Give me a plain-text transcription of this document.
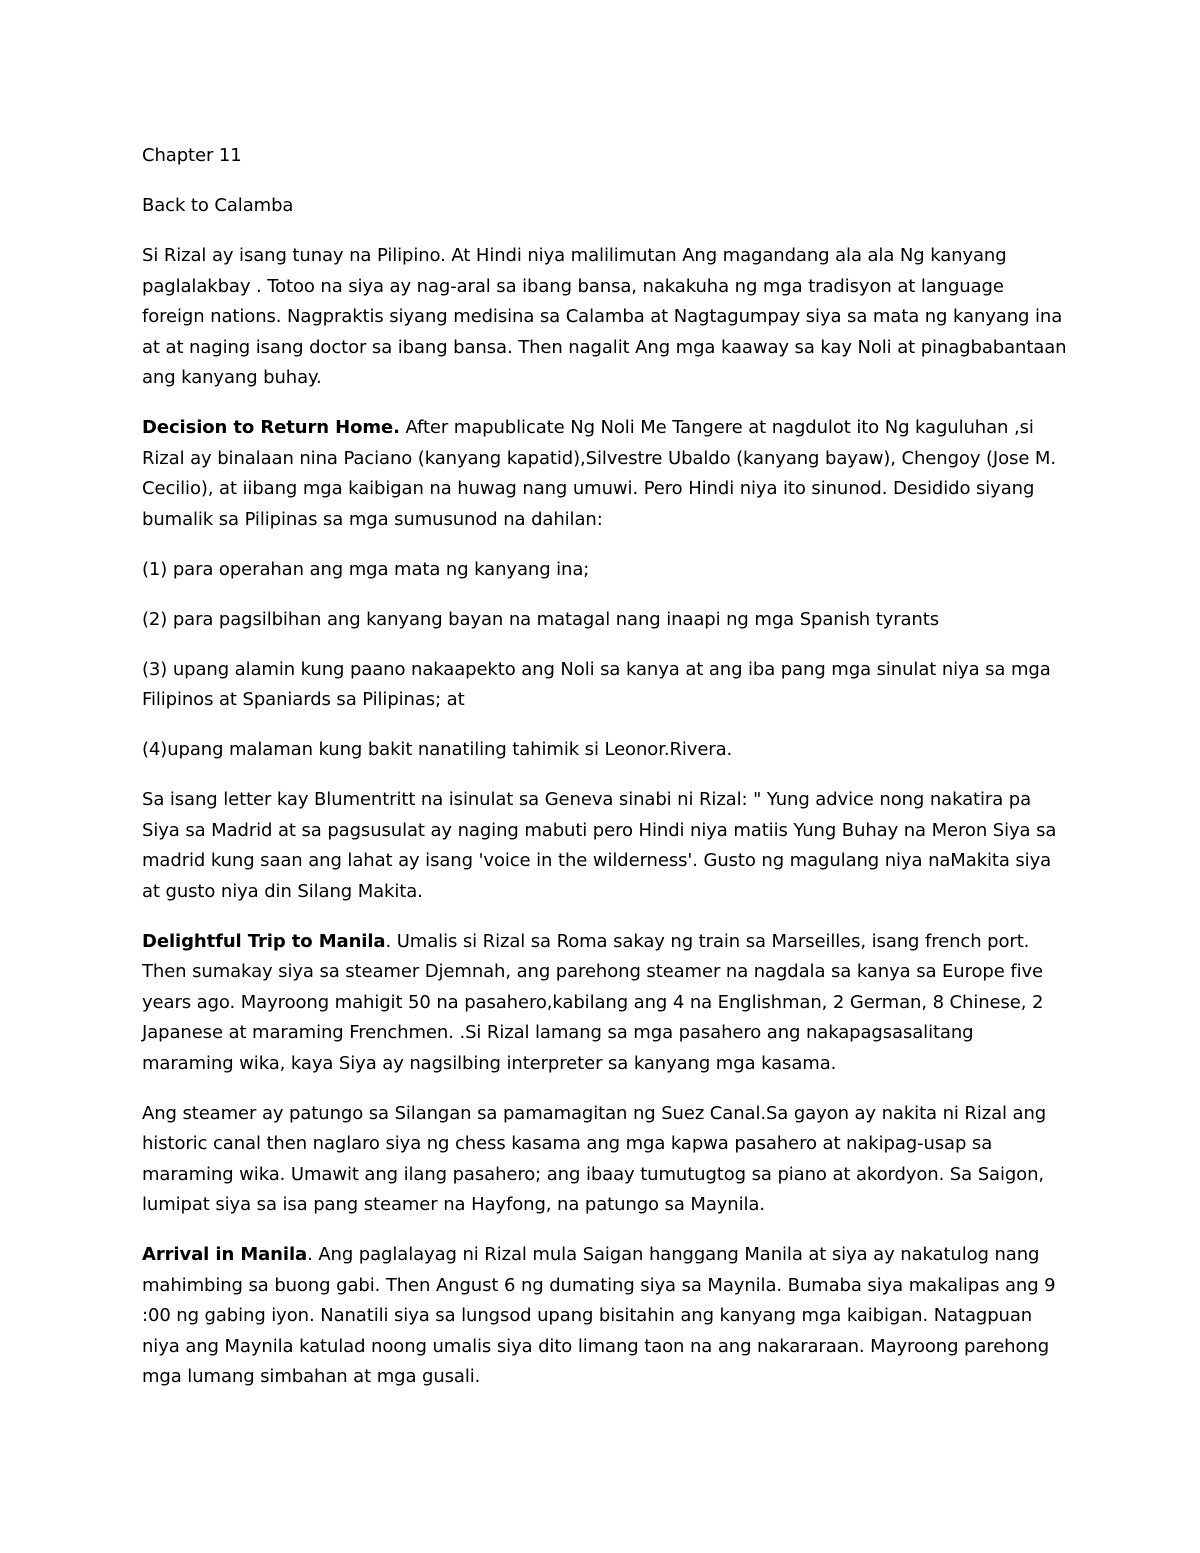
Chapter 11

Back to Calamba

Si Rizal ay isang tunay na Pilipino. At Hindi niya malilimutan Ang magandang ala ala Ng kanyang paglalakbay . Totoo na siya ay nag-aral sa ibang bansa, nakakuha ng mga tradisyon at language foreign nations. Nagpraktis siyang medisina sa Calamba at Nagtagumpay siya sa mata ng kanyang ina at at naging isang doctor sa ibang bansa. Then nagalit Ang mga kaaway sa kay Noli at pinagbabantaan ang kanyang buhay.

Decision to Return Home. After mapublicate Ng Noli Me Tangere at nagdulot ito Ng kaguluhan ,si Rizal ay binalaan nina Paciano (kanyang kapatid),Silvestre Ubaldo (kanyang bayaw), Chengoy (Jose M. Cecilio), at iibang mga kaibigan na huwag nang umuwi. Pero Hindi niya ito sinunod. Desidido siyang bumalik sa Pilipinas sa mga sumusunod na dahilan:

(1) para operahan ang mga mata ng kanyang ina;

(2) para pagsilbihan ang kanyang bayan na matagal nang inaapi ng mga Spanish tyrants

(3) upang alamin kung paano nakaapekto ang Noli sa kanya at ang iba pang mga sinulat niya sa mga Filipinos at Spaniards sa Pilipinas; at

(4)upang malaman kung bakit nanatiling tahimik si Leonor.Rivera.

Sa isang letter kay Blumentritt na isinulat sa Geneva sinabi ni Rizal: " Yung advice nong nakatira pa Siya sa Madrid at sa pagsusulat ay naging mabuti pero Hindi niya matiis Yung Buhay na Meron Siya sa madrid kung saan ang lahat ay isang 'voice in the wilderness'. Gusto ng magulang niya naMakita siya at gusto niya din Silang Makita.

Delightful Trip to Manila. Umalis si Rizal sa Roma sakay ng train sa Marseilles, isang french port. Then sumakay siya sa steamer Djemnah, ang parehong steamer na nagdala sa kanya sa Europe five years ago. Mayroong mahigit 50 na pasahero,kabilang ang 4 na Englishman, 2 German, 8 Chinese, 2 Japanese at maraming Frenchmen. .Si Rizal lamang sa mga pasahero ang nakapagsasalitang maraming wika, kaya Siya ay nagsilbing interpreter sa kanyang mga kasama.

Ang steamer ay patungo sa Silangan sa pamamagitan ng Suez Canal.Sa gayon ay nakita ni Rizal ang historic canal then naglaro siya ng chess kasama ang mga kapwa pasahero at nakipag-usap sa maraming wika. Umawit ang ilang pasahero; ang ibaay tumutugtog sa piano at akordyon. Sa Saigon, lumipat siya sa isa pang steamer na Hayfong, na patungo sa Maynila.

Arrival in Manila. Ang paglalayag ni Rizal mula Saigan hanggang Manila at siya ay nakatulog nang mahimbing sa buong gabi. Then Angust 6 ng dumating siya sa Maynila. Bumaba siya makalipas ang 9 :00 ng gabing iyon. Nanatili siya sa lungsod upang bisitahin ang kanyang mga kaibigan. Natagpuan niya ang Maynila katulad noong umalis siya dito limang taon na ang nakararaan. Mayroong parehong mga lumang simbahan at mga gusali.
